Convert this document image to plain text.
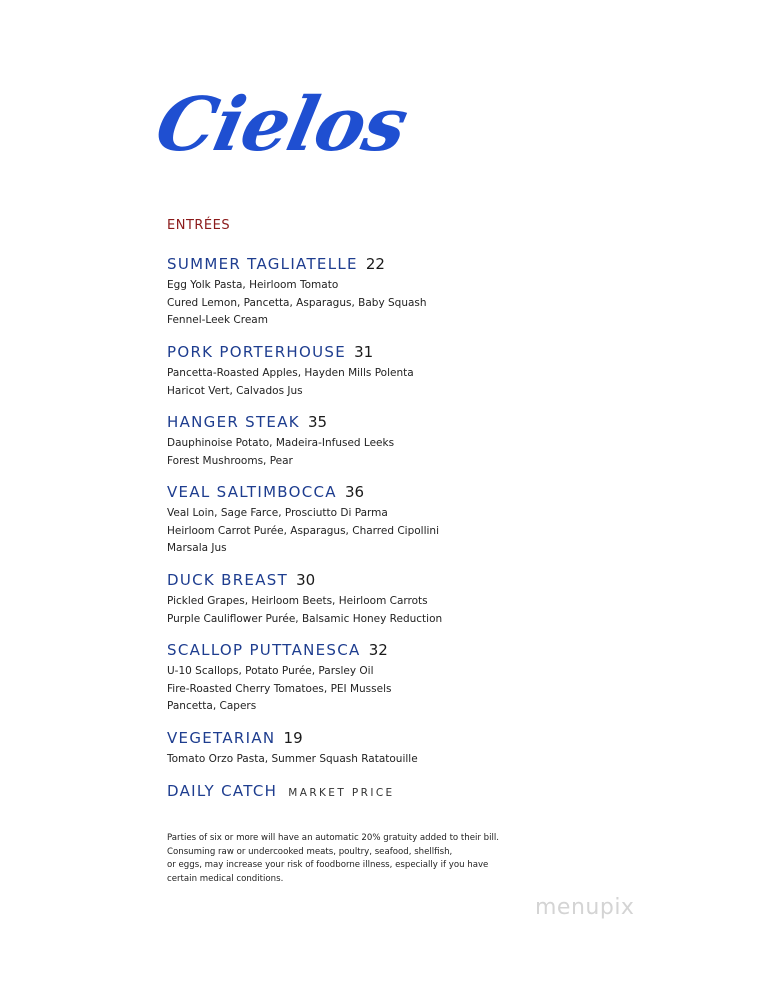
Cielos
ENTRÉES

SUMMER TAGLIATELLE 22

Egg Yolk Pasta, Heirloom Tomato

Cured Lemon, Pancetta, Asparagus, Baby Squash

Fennel-Leek Cream

PORK PORTERHOUSE 31

Pancetta-Roasted Apples, Hayden Mills Polenta

Haricot Vert, Calvados Jus

HANGER STEAK 35

Dauphinoise Potato, Madeira-Infused Leeks

Forest Mushrooms, Pear

VEAL SALTIMBOCCA 36

Veal Loin, Sage Farce, Prosciutto Di Parma

Heirloom Carrot Purée, Asparagus, Charred Cipollini

Marsala Jus

DUCK BREAST 30

Pickled Grapes, Heirloom Beets, Heirloom Carrots

Purple Cauliflower Purée, Balsamic Honey Reduction

SCALLOP PUTTANESCA 32

U-10 Scallops, Potato Purée, Parsley Oil

Fire-Roasted Cherry Tomatoes, PEI Mussels

Pancetta, Capers

VEGETARIAN 19

Tomato Orzo Pasta, Summer Squash Ratatouille

DAILY CATCH MARKET PRICE

Parties of six or more will have an automatic 20% gratuity added to their bill.

Consuming raw or undercooked meats, poultry, seafood, shellfish,

or eggs, may increase your risk of foodborne illness, especially if you have

certain medical conditions.

menupix
